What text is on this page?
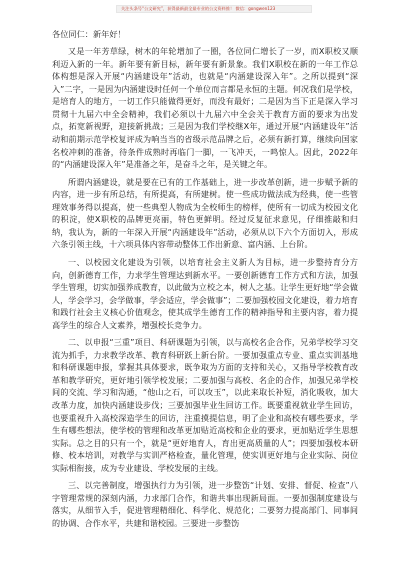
关注头条号“公文研究”，获得最新最全最专业的公文资料推！ 微信：gongwen123

各位同仁：新年好！

又是一年芳草绿，树木的年轮增加了一圈，各位同仁增长了一岁，而X职校又顺利迈入新的一年。新年要有新目标，新年要有新景象。我们X职校在新的一年工作总体构想是深入开展“内涵建设年”活动，也就是“内涵建设深入年”。之所以提到“深入”二字，一是因为内涵建设时任何一个单位而言都是永恒的主题。何况我们是学校，是培育人的地方，一切工作只能做得更好，而没有最好；二是因为当下正是深入学习贯彻十九届六中全会精神，我们必须以十九届六中全会关于教育方面的要求为出发点，拓宽新视野，迎接新挑战；三是因为我们学校继X年，通过开展“内涵建设年”活动和前期示范学校复评成为响当当的省级示范品牌之后，必须有新打算，继续向国家名校冲刺的准备，待条件成熟时再临门一脚，一飞冲天，一鸣惊人。因此，2022年的“内涵建设深入年”是准备之年，是奋斗之年，是关键之年。

所谓内涵建设，就是要在已有的工作基础上，进一步改革创新，进一步赋予新的内容，进一步有所总结，有所提高，有所建树。使一些成功做法成为经典，使一些管理效事务得以提高，使一些典型人物成为全校师生的榜样，使所有一切成为校园文化的积淀，使X职校的品牌更亮丽，特色更鲜明。经过反复征求意见，仔细推敲和归纳，我认为，新的一年深入开展“内涵建设年”活动，必须从以下六个方面切入，形成六条引领主线，十六项具体内容带动整体工作出新意、富内涵、上台阶。

一、以校园文化建设为引领，以培育社会主义新人为目标，进一步整持育分方向，创新德育工作，力求学生管理达到新水平。一要创新德育工作方式和方法，加强学生管理，切实加强养成教育，以此做为立校之本，树人之基。让学生更好地“学会做人，学会学习，会学做事，学会适应，学会做事”；二要加强校园文化建设，着力培育和践行社会主义核心价值观念，使其成学生德育工作的精神指导和主要内容，着力提高学生的综合人文素养，增强校长竞争力。

二、以申报“三重”项目、科研课题为引领，以与高校名企合作，兄弟学校学习交流为抓手，力求教学改革、教育科研跃上新台阶。一要加强重点专业、重点实训基地和科研课题申报，掌握其具体要求，既争取为方面的支持和关心，又指导学校教育改革和教学研究，更好地引领学校发展；二要加强与高校、名企的合作，加强兄弟学校间的交流、学习和沟通，“他山之石，可以攻玉”，以此来取长补短，消化吸收，加大改革力度，加快内涵建设步伐；三要加强毕业生回访工作。既要重视就业学生回访，也要重视升入高校深造学生的回访，注重摸提信息，明了企业和高校有哪些要求，学生有哪些想法，使学校的管理和改革更加贴近高校和企业的要求，更加贴近学生思想实际。总之目的只有一个，就是“更好地育人，育出更高质量的人”；四要加强校本研修、校本培训，对教学与实训严格检查，量化管理，使实训更好地与企业实际、岗位实际相衔接，成为专业建设、学校发展的主线。

三、以完善制度，增强执行力为引领，进一步整饬“计划、安排、督促、检查”八字管理常规的深刻内涵，力求部门合作，和谐共事出现新局面。一要加强制度建设与落实，从细节入手，促进管理精细化、科学化、规范化；二要努力提高部门、同事间的协调、合作水平，共建和谐校园。三要进一步整饬
